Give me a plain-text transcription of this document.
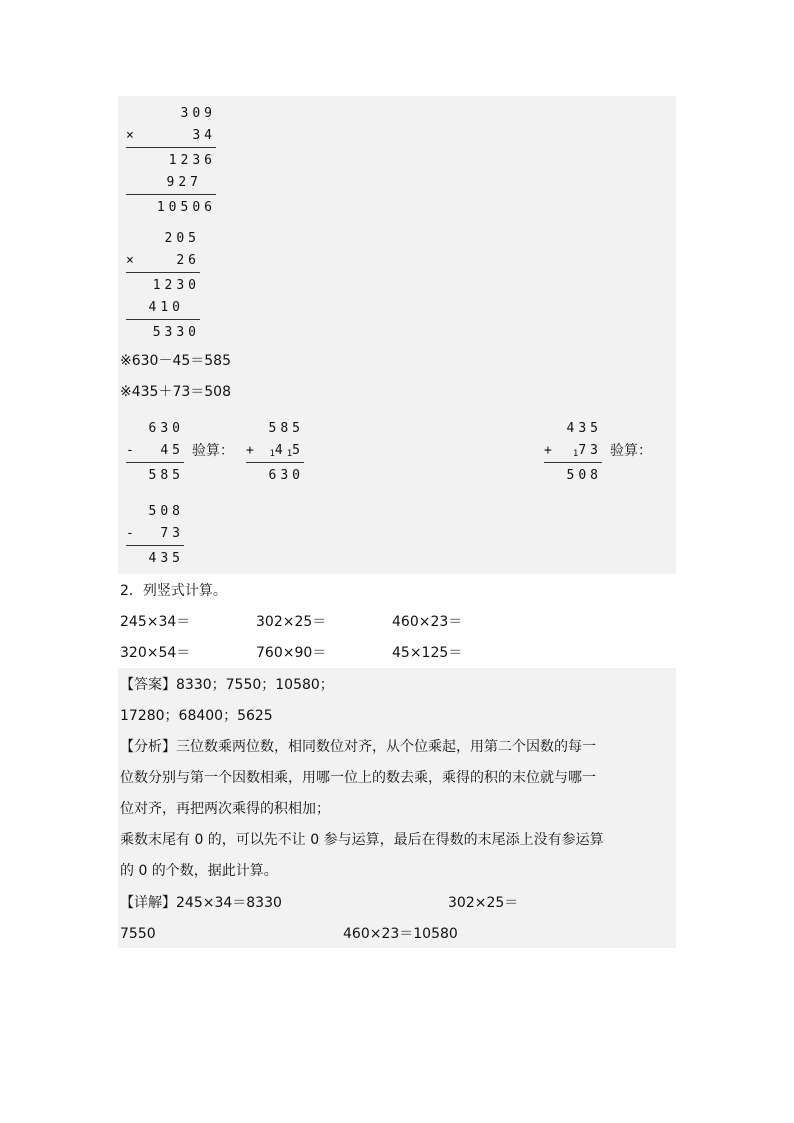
309
×	34
1236
927
10506
205
×	26
1230
410
5330
※630－45＝585
※435＋73＝508
630
- 45
585
验算：
585
+ 1415
630
435
+ 173
508
验算：
508
- 73
435
2．列竖式计算。
245×34＝	302×25＝	460×23＝
320×54＝	760×90＝	45×125＝
【答案】8330；7550；10580；
17280；68400；5625
【分析】三位数乘两位数，相同数位对齐，从个位乘起，用第二个因数的每一
位数分别与第一个因数相乘，用哪一位上的数去乘，乘得的积的末位就与哪一
位对齐，再把两次乘得的积相加；
乘数末尾有 0 的，可以先不让 0 参与运算，最后在得数的末尾添上没有参运算
的 0 的个数，据此计算。
【详解】245×34＝8330	302×25＝
7550	460×23＝10580
